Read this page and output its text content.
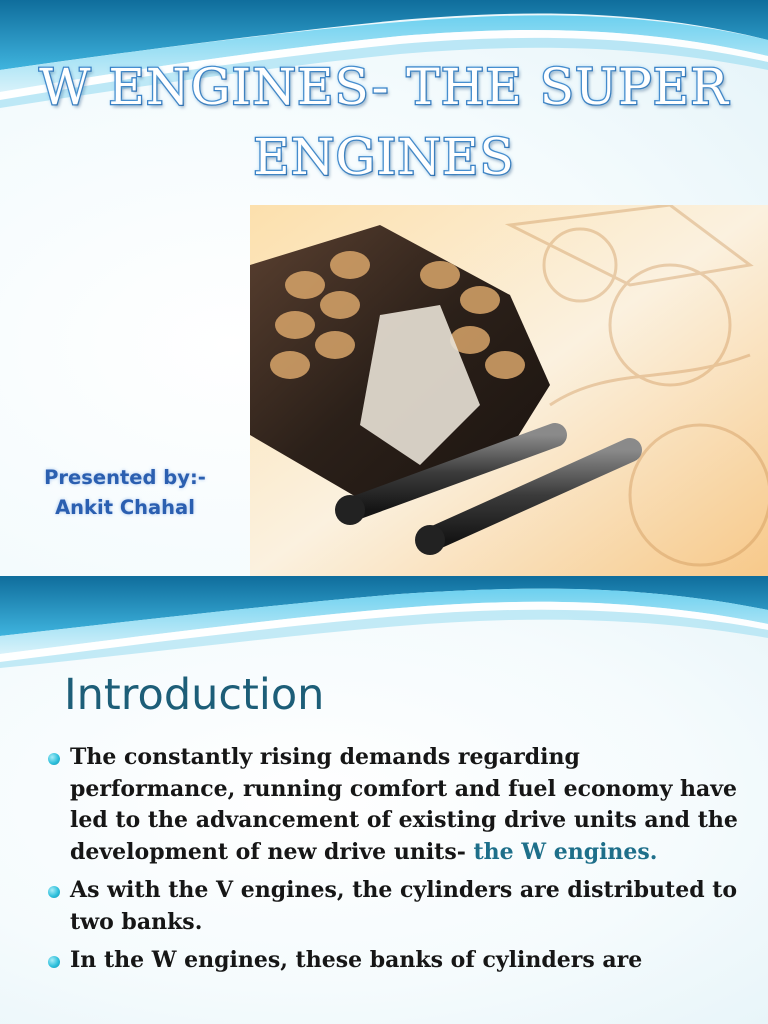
W ENGINES- THE SUPER
ENGINES
Presented by:-
Ankit Chahal
Introduction
The constantly rising demands regarding performance, running comfort and fuel economy have led to the advancement of existing drive units and the development of new drive units- the W engines.
As with the V engines, the cylinders are distributed to two banks.
In the W engines, these banks of cylinders are
